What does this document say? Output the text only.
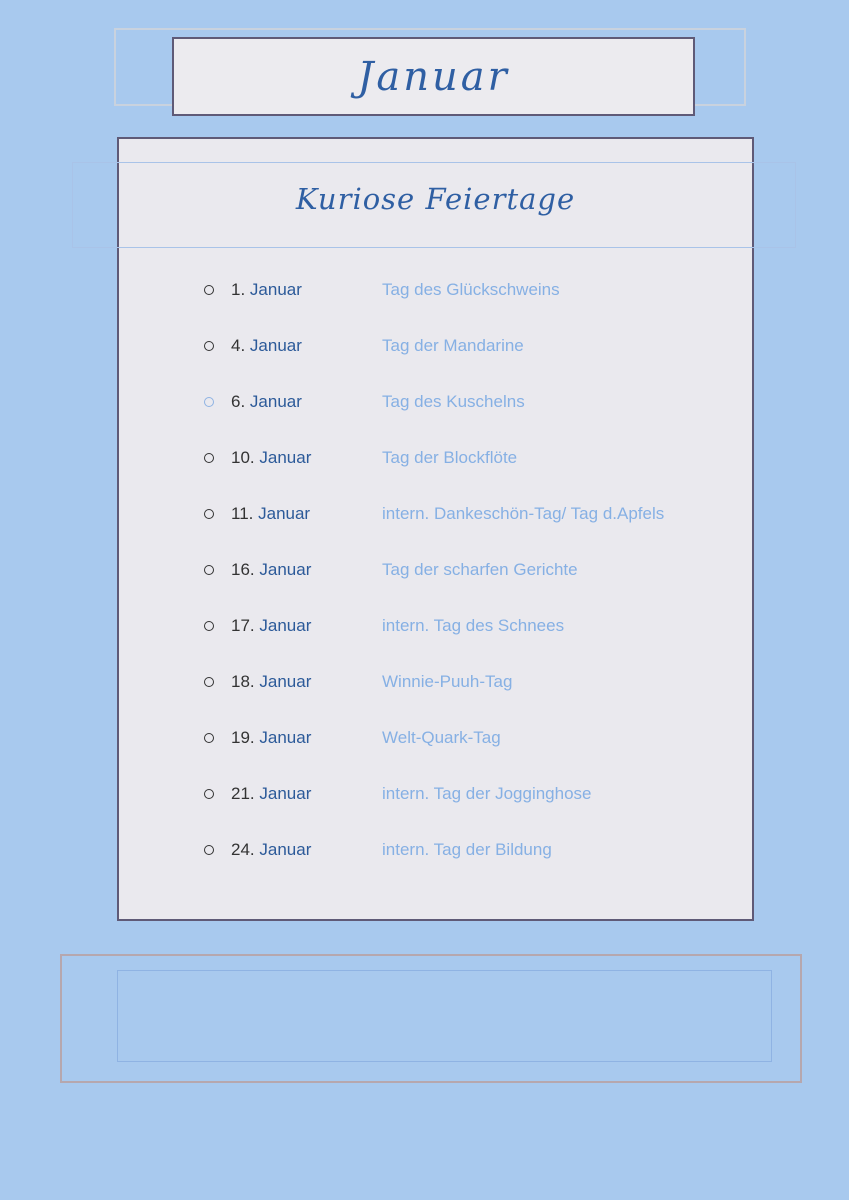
Januar
Kuriose Feiertage
1. Januar	Tag des Glückschweins
4. Januar	Tag der Mandarine
6. Januar	Tag des Kuschelns
10. Januar	Tag der Blockflöte
11. Januar	intern. Dankeschön-Tag/ Tag d.Apfels
16. Januar	Tag der scharfen Gerichte
17. Januar	intern. Tag des Schnees
18. Januar	Winnie-Puuh-Tag
19. Januar	Welt-Quark-Tag
21. Januar	intern. Tag der Jogginghose
24. Januar	intern. Tag der Bildung
